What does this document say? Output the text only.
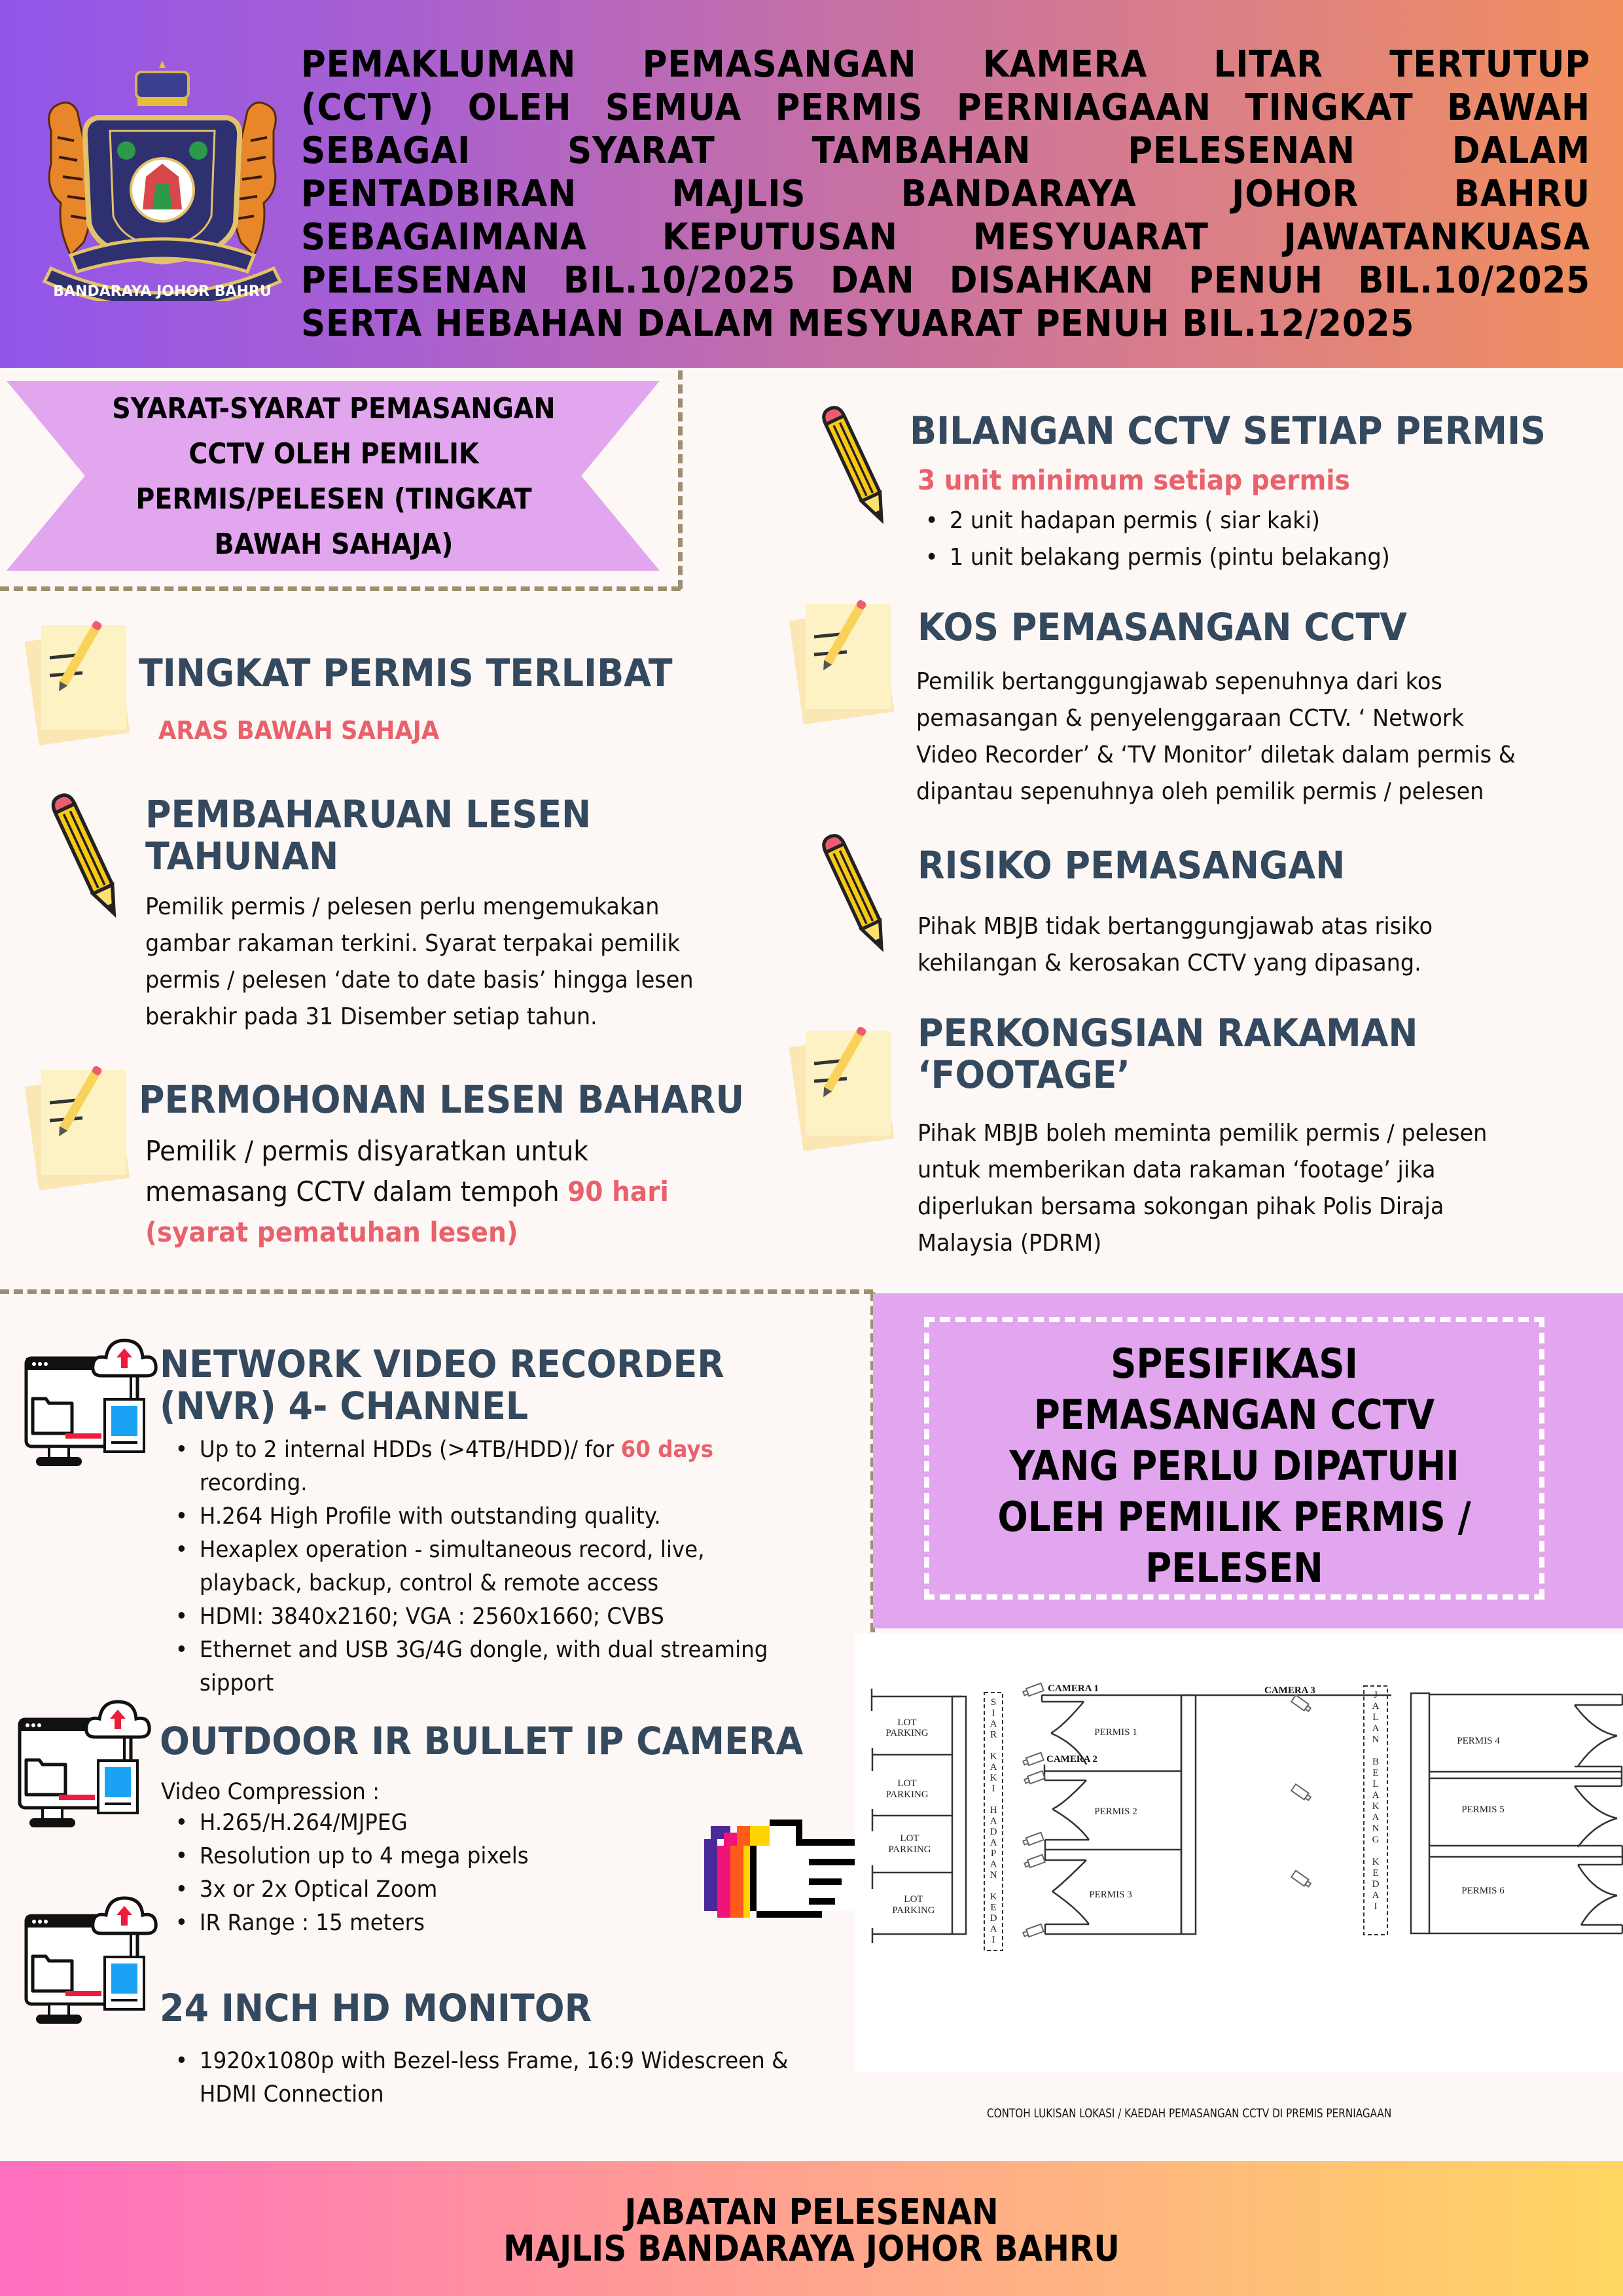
BANDARAYA JOHOR BAHRU
PEMAKLUMAN PEMASANGAN KAMERA LITAR TERTUTUP
(CCTV) OLEH SEMUA PERMIS PERNIAGAAN TINGKAT BAWAH
SEBAGAI SYARAT TAMBAHAN PELESENAN DALAM
PENTADBIRAN MAJLIS BANDARAYA JOHOR BAHRU
SEBAGAIMANA KEPUTUSAN MESYUARAT JAWATANKUASA
PELESENAN BIL.10/2025 DAN DISAHKAN PENUH BIL.10/2025
SERTA HEBAHAN DALAM MESYUARAT PENUH BIL.12/2025
SYARAT-SYARAT PEMASANGAN
CCTV OLEH PEMILIK
PERMIS/PELESEN (TINGKAT
BAWAH SAHAJA)
TINGKAT PERMIS TERLIBAT
ARAS BAWAH SAHAJA
PEMBAHARUAN LESEN
TAHUNAN
Pemilik permis / pelesen perlu mengemukakan
gambar rakaman terkini. Syarat terpakai pemilik
permis / pelesen ‘date to date basis’ hingga lesen
berakhir pada 31 Disember setiap tahun.
PERMOHONAN LESEN BAHARU
Pemilik / permis disyaratkan untuk
memasang CCTV dalam tempoh 90 hari
(syarat pematuhan lesen)
BILANGAN CCTV SETIAP PERMIS
3 unit minimum setiap permis
• 2 unit hadapan permis ( siar kaki)
• 1 unit belakang permis (pintu belakang)
KOS PEMASANGAN CCTV
Pemilik bertanggungjawab sepenuhnya dari kos
pemasangan & penyelenggaraan CCTV. ‘ Network
Video Recorder’ & ‘TV Monitor’ diletak dalam permis &
dipantau sepenuhnya oleh pemilik permis / pelesen
RISIKO PEMASANGAN
Pihak MBJB tidak bertanggungjawab atas risiko
kehilangan & kerosakan CCTV yang dipasang.
PERKONGSIAN RAKAMAN
‘FOOTAGE’
Pihak MBJB boleh meminta pemilik permis / pelesen
untuk memberikan data rakaman ‘footage’ jika
diperlukan bersama sokongan pihak Polis Diraja
Malaysia (PDRM)
NETWORK VIDEO RECORDER
(NVR) 4- CHANNEL
• Up to 2 internal HDDs (>4TB/HDD)/ for 60 days
recording.
• H.264 High Profile with outstanding quality.
• Hexaplex operation - simultaneous record, live,
playback, backup, control & remote access
• HDMI: 3840x2160; VGA : 2560x1660; CVBS
• Ethernet and USB 3G/4G dongle, with dual streaming
sipport
OUTDOOR IR BULLET IP CAMERA
Video Compression :
• H.265/H.264/MJPEG
• Resolution up to 4 mega pixels
• 3x or 2x Optical Zoom
• IR Range : 15 meters
24 INCH HD MONITOR
• 1920x1080p with Bezel-less Frame, 16:9 Widescreen &
HDMI Connection
SPESIFIKASI
PEMASANGAN CCTV
YANG PERLU DIPATUHI
OLEH PEMILIK PERMIS /
PELESEN
LOT
PARKING
LOT
PARKING
LOT
PARKING
LOT
PARKING
PERMIS 1
PERMIS 2
PERMIS 3
PERMIS 4
PERMIS 5
PERMIS 6
CAMERA 1
CAMERA 2
CAMERA 3
S
I
A
R
K
A
K
I
H
A
D
A
P
A
N
K
E
D
A
I
J
A
L
A
N
B
E
L
A
K
A
N
G
K
E
D
A
I
CONTOH LUKISAN LOKASI / KAEDAH PEMASANGAN CCTV DI PREMIS PERNIAGAAN
JABATAN PELESENAN
MAJLIS BANDARAYA JOHOR BAHRU
